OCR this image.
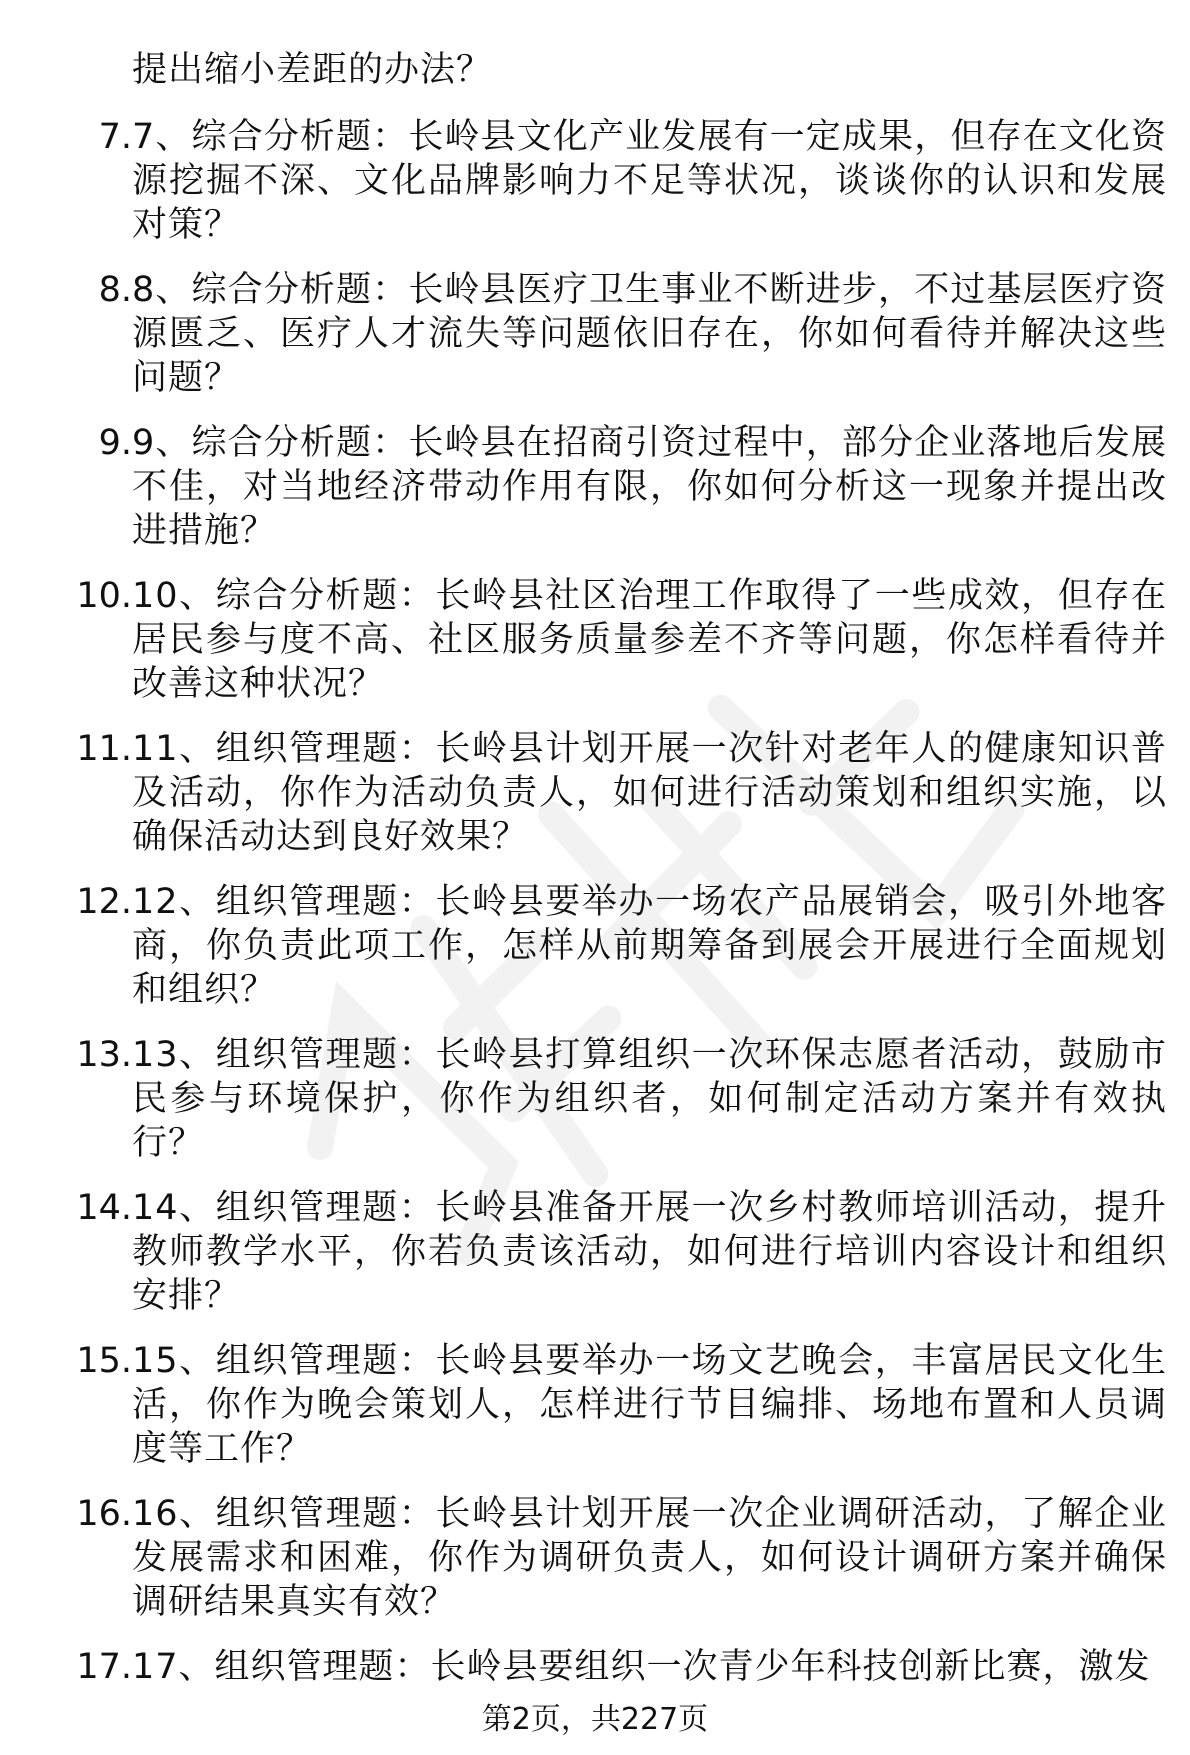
提出缩小差距的办法？
7. 7、综合分析题：长岭县文化产业发展有一定成果，但存在文化资源挖掘不深、文化品牌影响力不足等状况，谈谈你的认识和发展对策？
8. 8、综合分析题：长岭县医疗卫生事业不断进步，不过基层医疗资源匮乏、医疗人才流失等问题依旧存在，你如何看待并解决这些问题？
9. 9、综合分析题：长岭县在招商引资过程中，部分企业落地后发展不佳，对当地经济带动作用有限，你如何分析这一现象并提出改进措施？
10. 10、综合分析题：长岭县社区治理工作取得了一些成效，但存在居民参与度不高、社区服务质量参差不齐等问题，你怎样看待并改善这种状况？
11. 11、组织管理题：长岭县计划开展一次针对老年人的健康知识普及活动，你作为活动负责人，如何进行活动策划和组织实施，以确保活动达到良好效果？
12. 12、组织管理题：长岭县要举办一场农产品展销会，吸引外地客商，你负责此项工作，怎样从前期筹备到展会开展进行全面规划和组织？
13. 13、组织管理题：长岭县打算组织一次环保志愿者活动，鼓励市民参与环境保护，你作为组织者，如何制定活动方案并有效执行？
14. 14、组织管理题：长岭县准备开展一次乡村教师培训活动，提升教师教学水平，你若负责该活动，如何进行培训内容设计和组织安排？
15. 15、组织管理题：长岭县要举办一场文艺晚会，丰富居民文化生活，你作为晚会策划人，怎样进行节目编排、场地布置和人员调度等工作？
16. 16、组织管理题：长岭县计划开展一次企业调研活动，了解企业发展需求和困难，你作为调研负责人，如何设计调研方案并确保调研结果真实有效？
17. 17、组织管理题：长岭县要组织一次青少年科技创新比赛，激发
第2页，共227页
